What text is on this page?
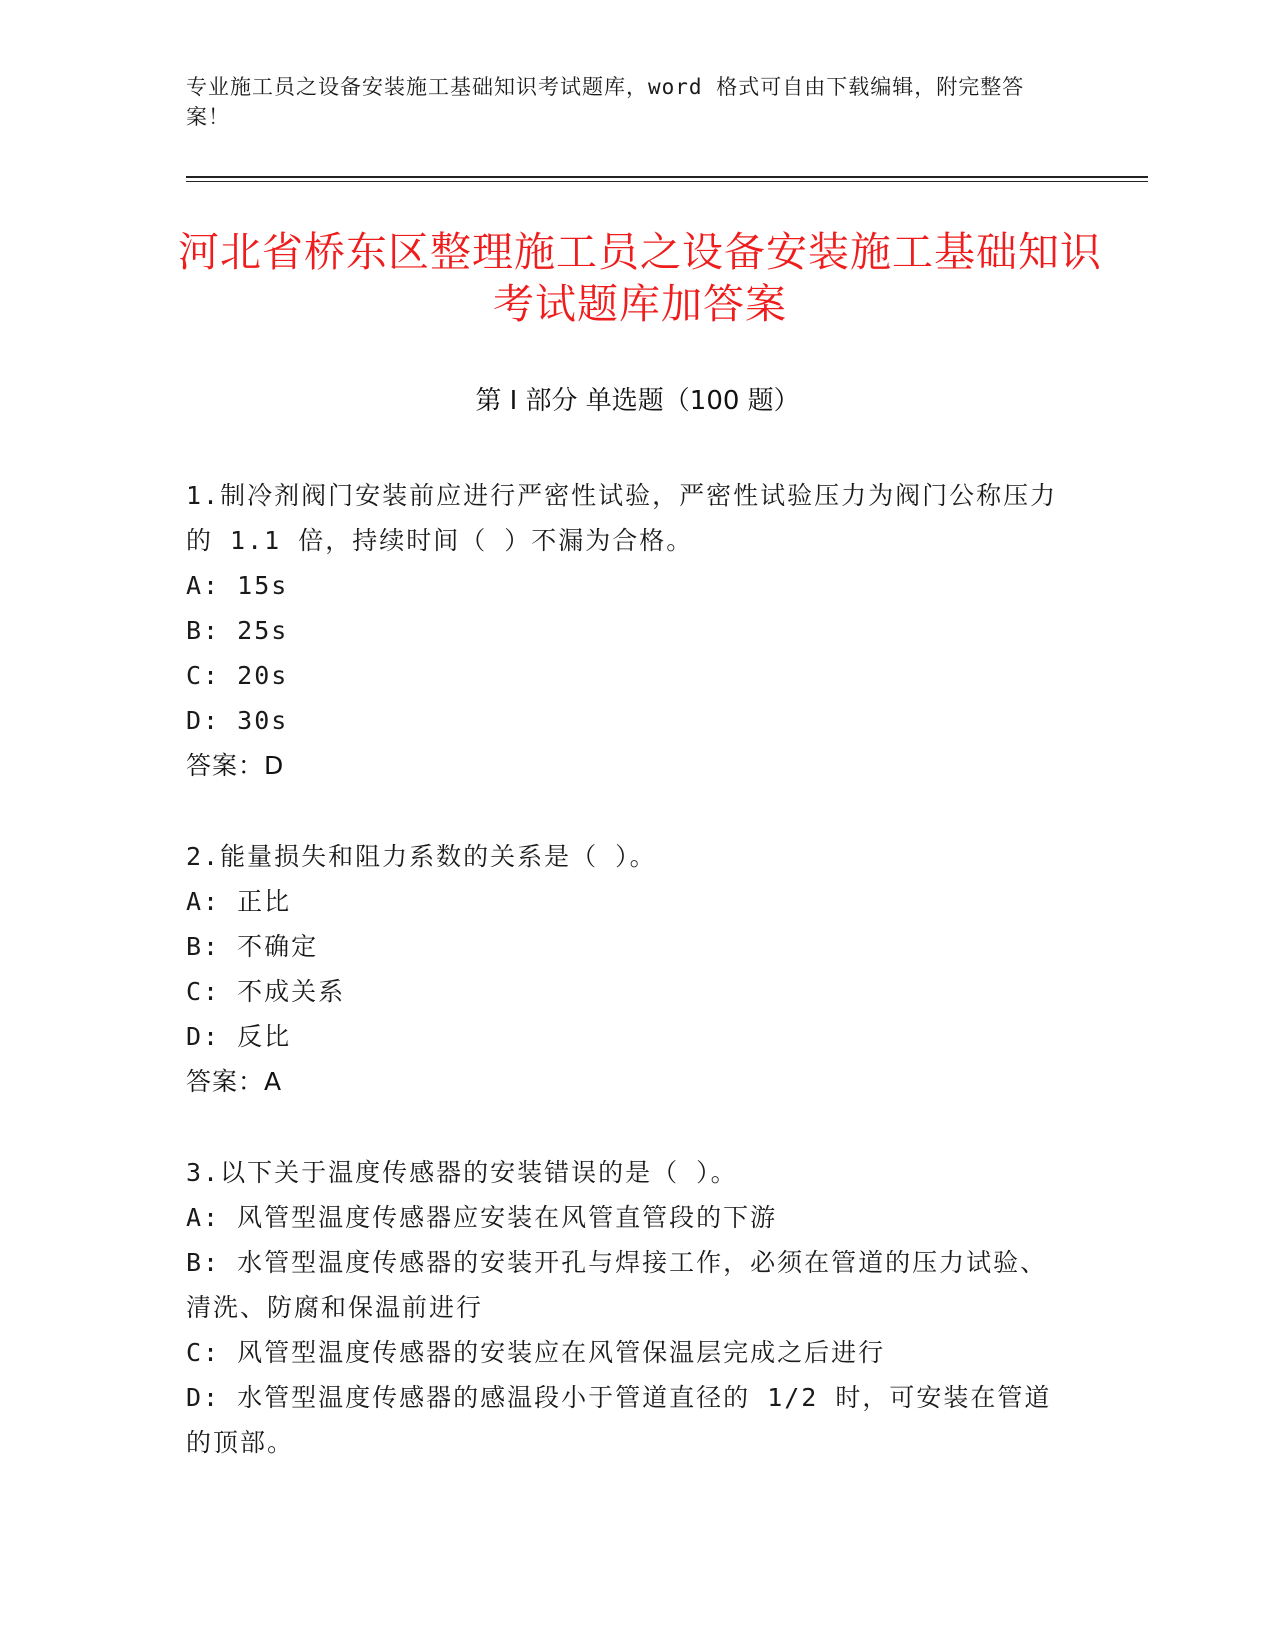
专业施工员之设备安装施工基础知识考试题库，word 格式可自由下载编辑，附完整答案！
河北省桥东区整理施工员之设备安装施工基础知识考试题库加答案
第 I 部分 单选题（100 题）

1.制冷剂阀门安装前应进行严密性试验，严密性试验压力为阀门公称压力的 1.1 倍，持续时间（ ）不漏为合格。

A: 15s

B: 25s

C: 20s

D: 30s

答案：D

2.能量损失和阻力系数的关系是（ ）。

A: 正比

B: 不确定

C: 不成关系

D: 反比

答案：A

3.以下关于温度传感器的安装错误的是（ ）。

A: 风管型温度传感器应安装在风管直管段的下游

B: 水管型温度传感器的安装开孔与焊接工作，必须在管道的压力试验、清洗、防腐和保温前进行

C: 风管型温度传感器的安装应在风管保温层完成之后进行

D: 水管型温度传感器的感温段小于管道直径的 1/2 时，可安装在管道的顶部。
